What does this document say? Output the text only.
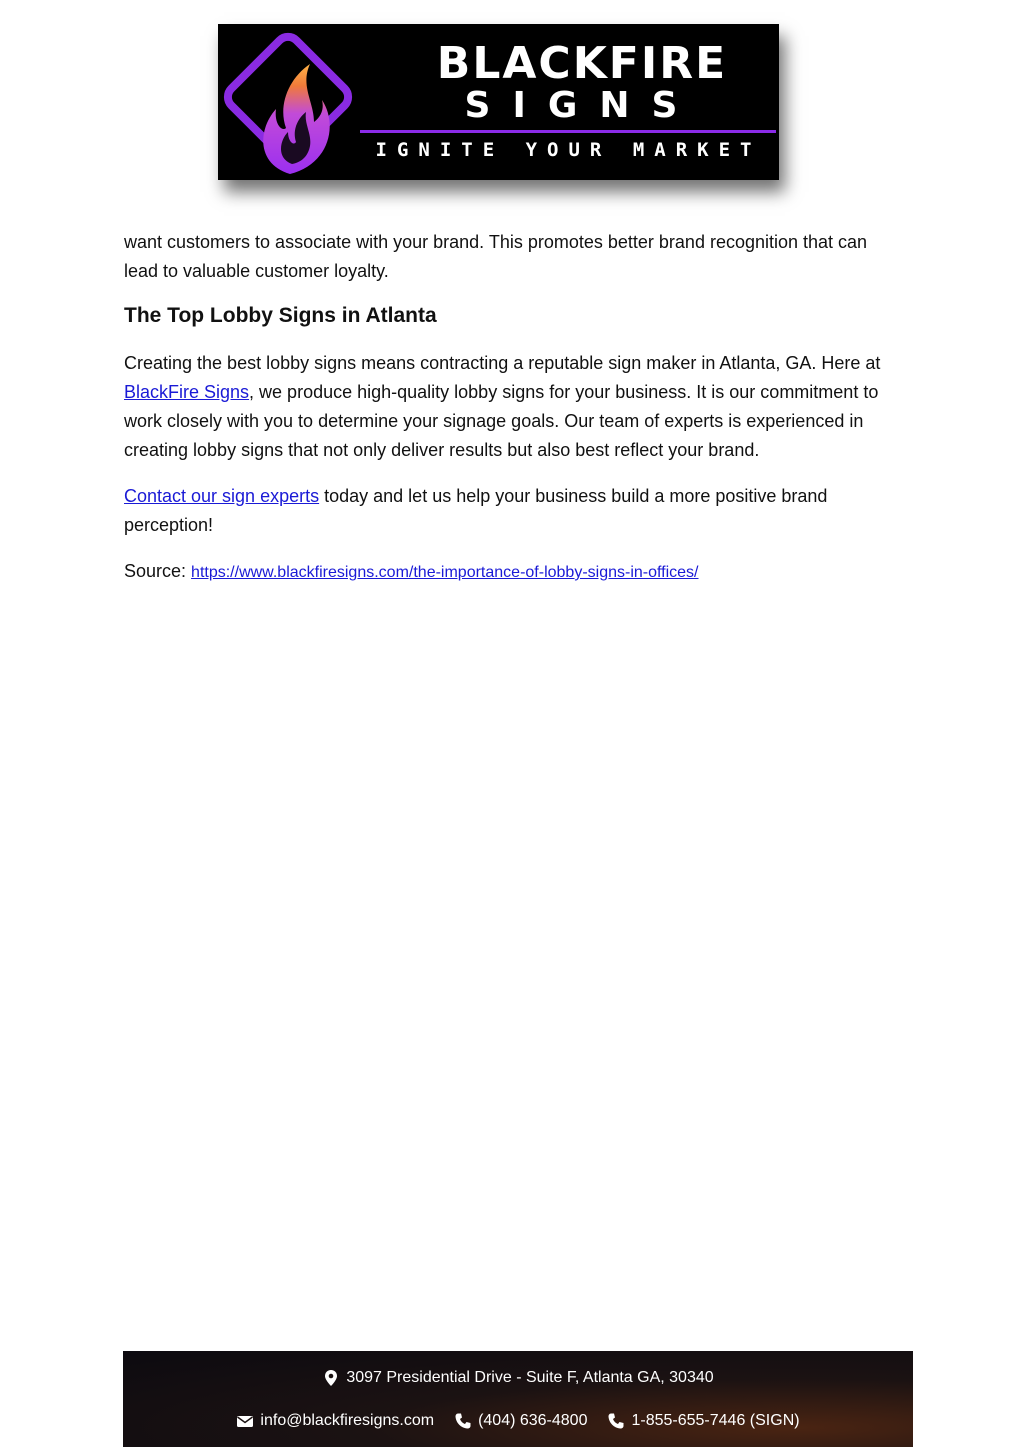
BLACKFIRE
SIGNS
IGNITE YOUR MARKET

want customers to associate with your brand. This promotes better brand recognition that can lead to valuable customer loyalty.

The Top Lobby Signs in Atlanta

Creating the best lobby signs means contracting a reputable sign maker in Atlanta, GA. Here at BlackFire Signs, we produce high-quality lobby signs for your business. It is our commitment to work closely with you to determine your signage goals. Our team of experts is experienced in creating lobby signs that not only deliver results but also best reflect your brand.

Contact our sign experts today and let us help your business build a more positive brand perception!

Source: https://www.blackfiresigns.com/the-importance-of-lobby-signs-in-offices/

3097 Presidential Drive - Suite F, Atlanta GA, 30340
info@blackfiresigns.com	(404) 636-4800	1-855-655-7446 (SIGN)
